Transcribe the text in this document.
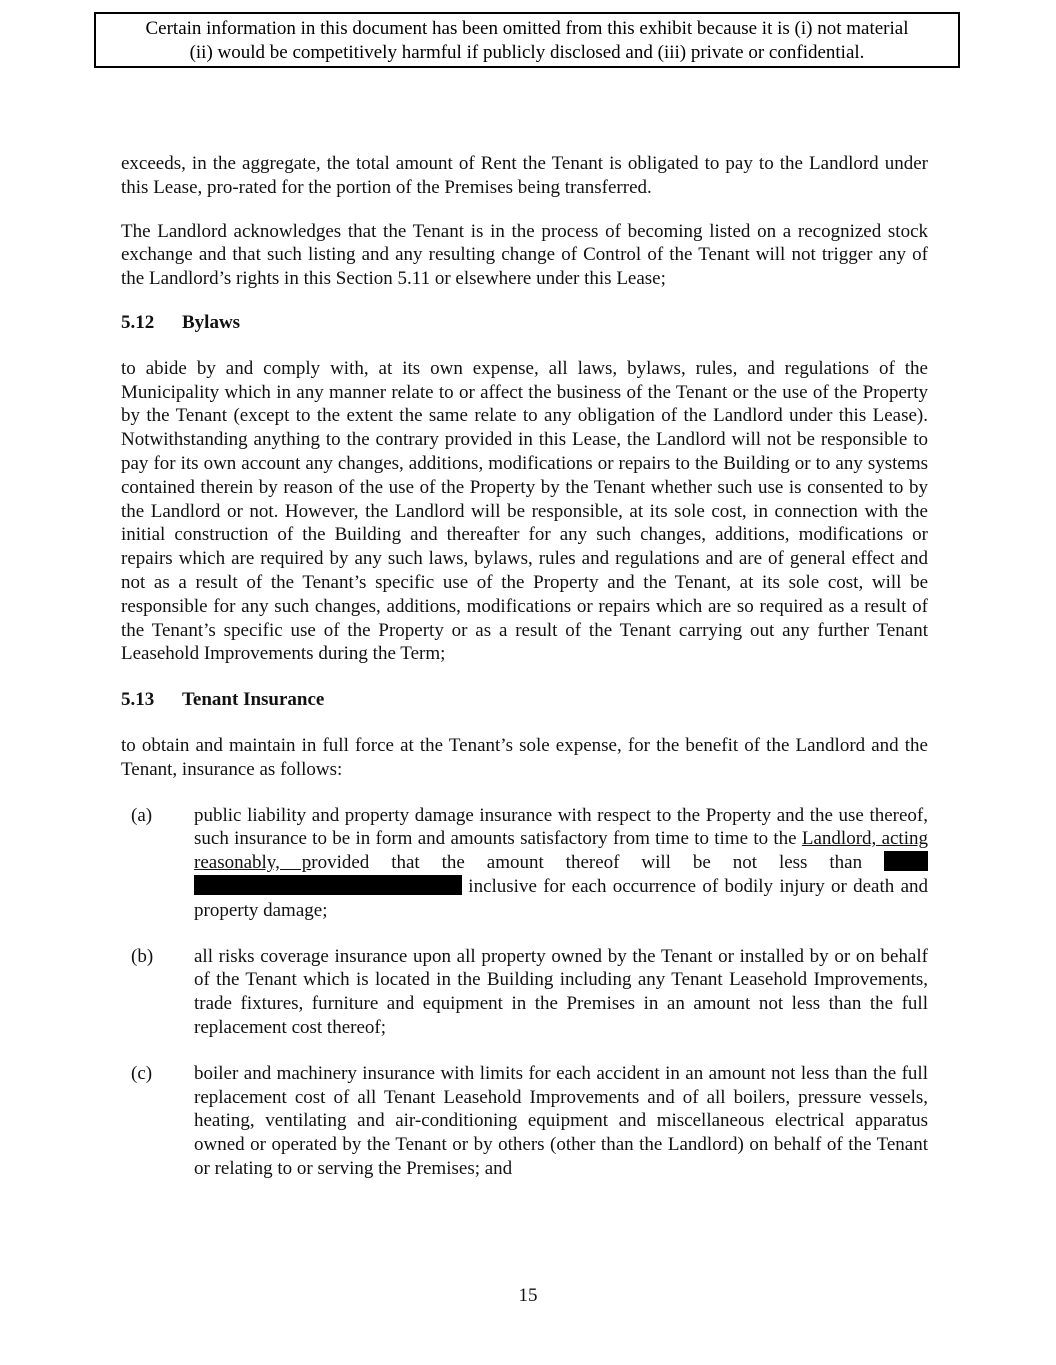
Certain information in this document has been omitted from this exhibit because it is (i) not material
(ii) would be competitively harmful if publicly disclosed and (iii) private or confidential.

exceeds, in the aggregate, the total amount of Rent the Tenant is obligated to pay to the Landlord under this Lease, pro-rated for the portion of the Premises being transferred.

The Landlord acknowledges that the Tenant is in the process of becoming listed on a recognized stock exchange and that such listing and any resulting change of Control of the Tenant will not trigger any of the Landlord’s rights in this Section 5.11 or elsewhere under this Lease;

5.12	Bylaws

to abide by and comply with, at its own expense, all laws, bylaws, rules, and regulations of the Municipality which in any manner relate to or affect the business of the Tenant or the use of the Property by the Tenant (except to the extent the same relate to any obligation of the Landlord under this Lease). Notwithstanding anything to the contrary provided in this Lease, the Landlord will not be responsible to pay for its own account any changes, additions, modifications or repairs to the Building or to any systems contained therein by reason of the use of the Property by the Tenant whether such use is consented to by the Landlord or not. However, the Landlord will be responsible, at its sole cost, in connection with the initial construction of the Building and thereafter for any such changes, additions, modifications or repairs which are required by any such laws, bylaws, rules and regulations and are of general effect and not as a result of the Tenant’s specific use of the Property and the Tenant, at its sole cost, will be responsible for any such changes, additions, modifications or repairs which are so required as a result of the Tenant’s specific use of the Property or as a result of the Tenant carrying out any further Tenant Leasehold Improvements during the Term;

5.13	Tenant Insurance

to obtain and maintain in full force at the Tenant’s sole expense, for the benefit of the Landlord and the Tenant, insurance as follows:

(a)	public liability and property damage insurance with respect to the Property and the use thereof, such insurance to be in form and amounts satisfactory from time to time to the Landlord, acting reasonably, provided that the amount thereof will be not less than   inclusive for each occurrence of bodily injury or death and property damage;
(b)	all risks coverage insurance upon all property owned by the Tenant or installed by or on behalf of the Tenant which is located in the Building including any Tenant Leasehold Improvements, trade fixtures, furniture and equipment in the Premises in an amount not less than the full replacement cost thereof;
(c)	boiler and machinery insurance with limits for each accident in an amount not less than the full replacement cost of all Tenant Leasehold Improvements and of all boilers, pressure vessels, heating, ventilating and air-conditioning equipment and miscellaneous electrical apparatus owned or operated by the Tenant or by others (other than the Landlord) on behalf of the Tenant or relating to or serving the Premises; and
15
